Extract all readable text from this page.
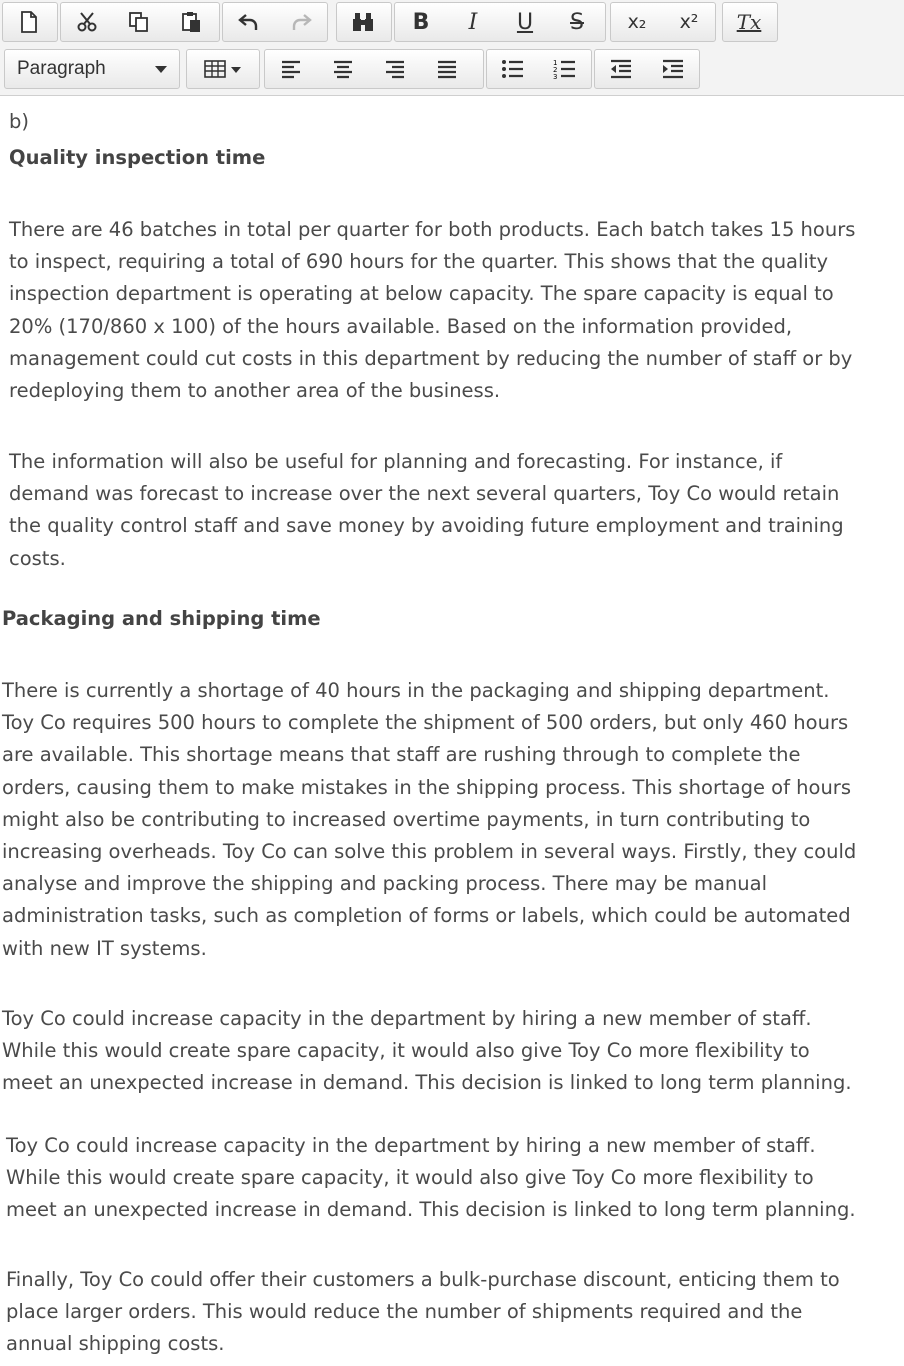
B	I	U	S	x₂	x²	Tx
Paragraph	1
2
3
b)
Quality inspection time
There are 46 batches in total per quarter for both products. Each batch takes 15 hours
to inspect, requiring a total of 690 hours for the quarter. This shows that the quality
inspection department is operating at below capacity. The spare capacity is equal to
20% (170/860 x 100) of the hours available. Based on the information provided,
management could cut costs in this department by reducing the number of staff or by
redeploying them to another area of the business.
The information will also be useful for planning and forecasting. For instance, if
demand was forecast to increase over the next several quarters, Toy Co would retain
the quality control staff and save money by avoiding future employment and training
costs.
Packaging and shipping time
There is currently a shortage of 40 hours in the packaging and shipping department.
Toy Co requires 500 hours to complete the shipment of 500 orders, but only 460 hours
are available. This shortage means that staff are rushing through to complete the
orders, causing them to make mistakes in the shipping process. This shortage of hours
might also be contributing to increased overtime payments, in turn contributing to
increasing overheads. Toy Co can solve this problem in several ways. Firstly, they could
analyse and improve the shipping and packing process. There may be manual
administration tasks, such as completion of forms or labels, which could be automated
with new IT systems.
Toy Co could increase capacity in the department by hiring a new member of staff.
While this would create spare capacity, it would also give Toy Co more flexibility to
meet an unexpected increase in demand. This decision is linked to long term planning.
Toy Co could increase capacity in the department by hiring a new member of staff.
While this would create spare capacity, it would also give Toy Co more flexibility to
meet an unexpected increase in demand. This decision is linked to long term planning.
Finally, Toy Co could offer their customers a bulk-purchase discount, enticing them to
place larger orders. This would reduce the number of shipments required and the
annual shipping costs.
